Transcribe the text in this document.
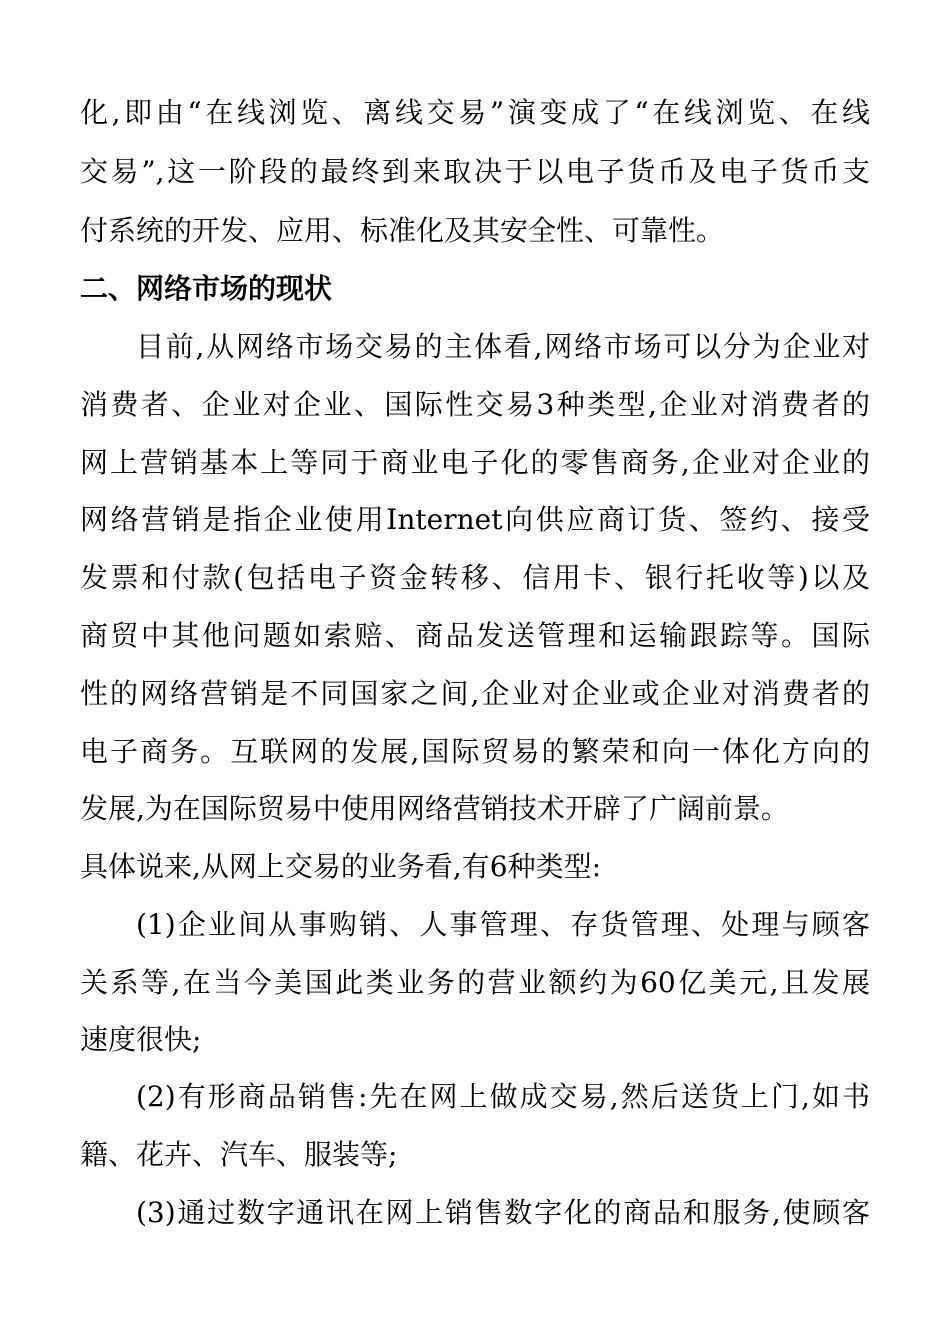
化,即由“在线浏览、离线交易”演变成了“在线浏览、在线
交易”,这一阶段的最终到来取决于以电子货币及电子货币支
付系统的开发、应用、标准化及其安全性、可靠性。
二、网络市场的现状
目前,从网络市场交易的主体看,网络市场可以分为企业对
消费者、企业对企业、国际性交易3种类型,企业对消费者的
网上营销基本上等同于商业电子化的零售商务,企业对企业的
网络营销是指企业使用Internet向供应商订货、签约、接受
发票和付款(包括电子资金转移、信用卡、银行托收等)以及
商贸中其他问题如索赔、商品发送管理和运输跟踪等。国际
性的网络营销是不同国家之间,企业对企业或企业对消费者的
电子商务。互联网的发展,国际贸易的繁荣和向一体化方向的
发展,为在国际贸易中使用网络营销技术开辟了广阔前景。
具体说来,从网上交易的业务看,有6种类型:
(1)企业间从事购销、人事管理、存货管理、处理与顾客
关系等,在当今美国此类业务的营业额约为60亿美元,且发展
速度很快;
(2)有形商品销售:先在网上做成交易,然后送货上门,如书
籍、花卉、汽车、服装等;
(3)通过数字通讯在网上销售数字化的商品和服务,使顾客
